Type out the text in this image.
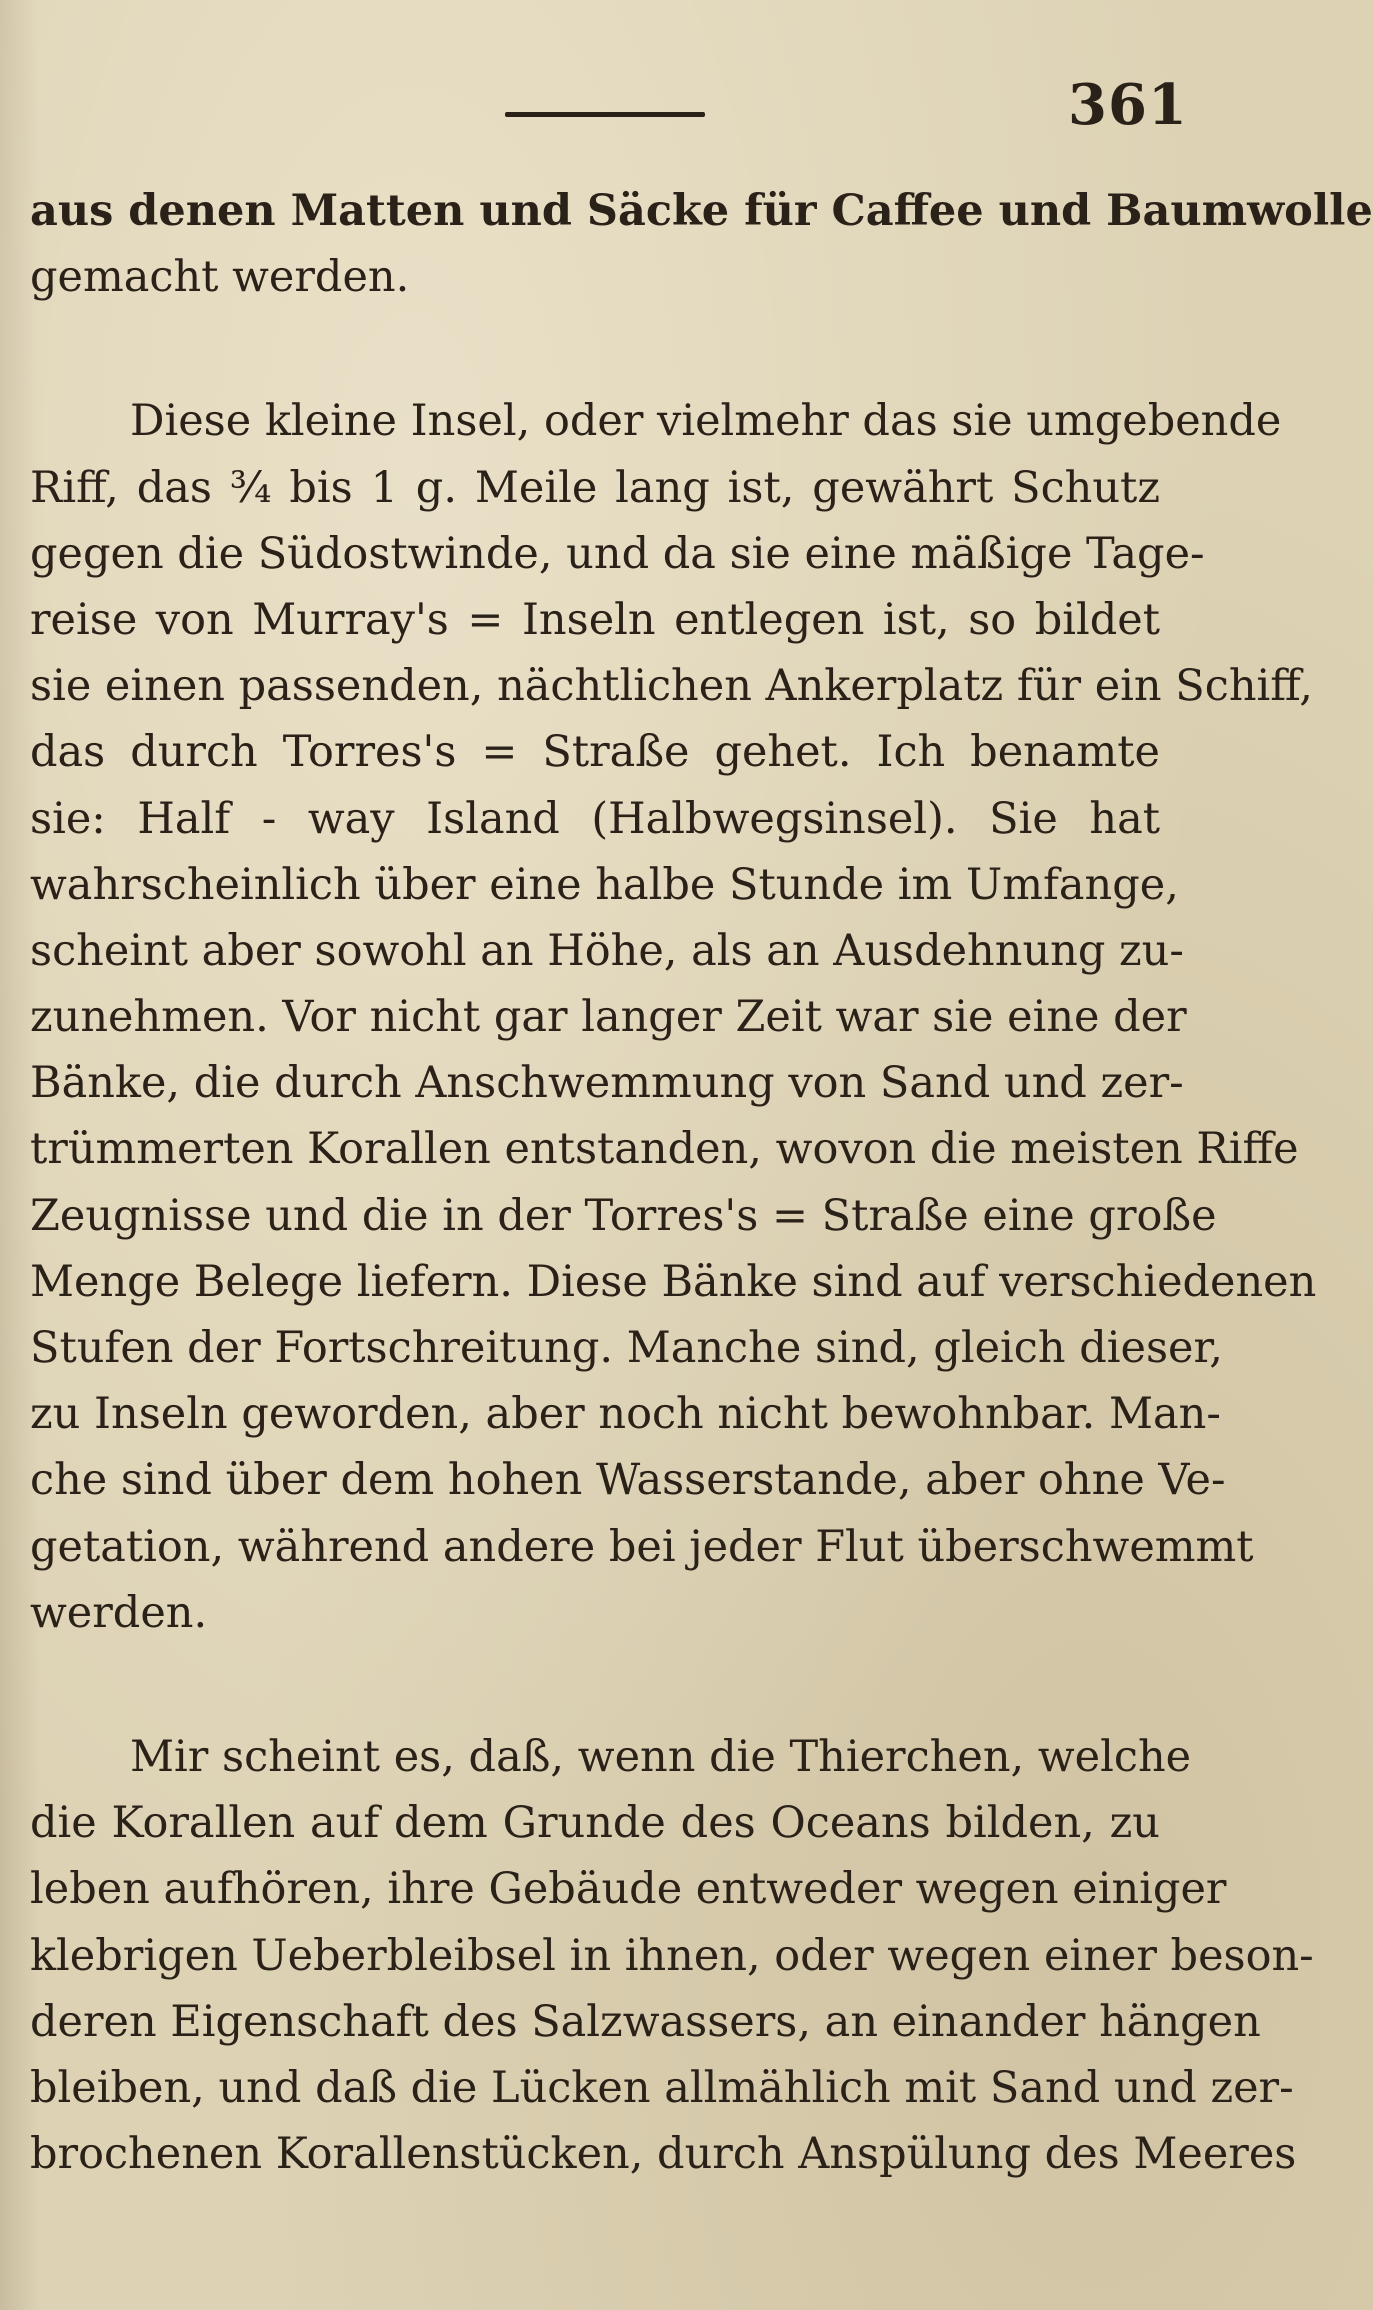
361
aus denen Matten und Säcke für Caffee und Baumwolle
gemacht werden.
Diese kleine Insel, oder vielmehr das sie umgebende
Riff, das ¾ bis 1 g. Meile lang ist, gewährt Schutz
gegen die Südostwinde, und da sie eine mäßige Tage-
reise von Murray's = Inseln entlegen ist, so bildet
sie einen passenden, nächtlichen Ankerplatz für ein Schiff,
das durch Torres's = Straße gehet. Ich benamte
sie: Half - way Island (Halbwegsinsel). Sie hat
wahrscheinlich über eine halbe Stunde im Umfange,
scheint aber sowohl an Höhe, als an Ausdehnung zu-
zunehmen. Vor nicht gar langer Zeit war sie eine der
Bänke, die durch Anschwemmung von Sand und zer-
trümmerten Korallen entstanden, wovon die meisten Riffe
Zeugnisse und die in der Torres's = Straße eine große
Menge Belege liefern. Diese Bänke sind auf verschiedenen
Stufen der Fortschreitung. Manche sind, gleich dieser,
zu Inseln geworden, aber noch nicht bewohnbar. Man-
che sind über dem hohen Wasserstande, aber ohne Ve-
getation, während andere bei jeder Flut überschwemmt
werden.
Mir scheint es, daß, wenn die Thierchen, welche
die Korallen auf dem Grunde des Oceans bilden, zu
leben aufhören, ihre Gebäude entweder wegen einiger
klebrigen Ueberbleibsel in ihnen, oder wegen einer beson-
deren Eigenschaft des Salzwassers, an einander hängen
bleiben, und daß die Lücken allmählich mit Sand und zer-
brochenen Korallenstücken, durch Anspülung des Meeres
